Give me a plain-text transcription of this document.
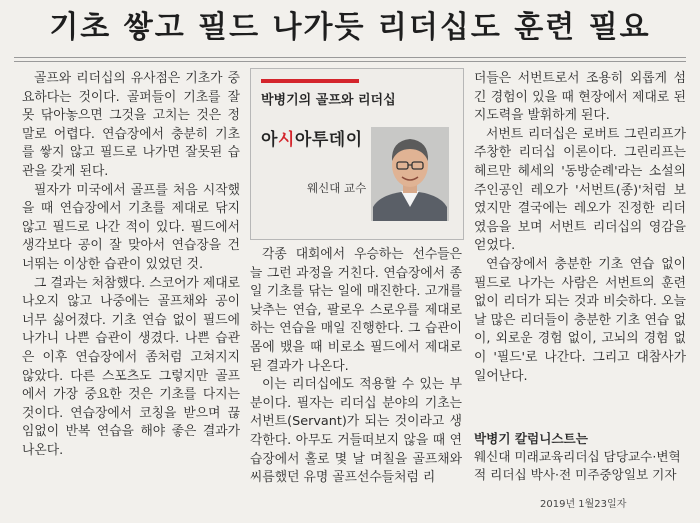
기초 쌓고 필드 나가듯 리더십도 훈련 필요

골프와 리더십의 유사점은 기초가 중요하다는 것이다. 골퍼들이 기초를 잘못 닦아놓으면 그것을 고치는 것은 정말로 어렵다. 연습장에서 충분히 기초를 쌓지 않고 필드로 나가면 잘못된 습관을 갖게 된다.

필자가 미국에서 골프를 처음 시작했을 때 연습장에서 기초를 제대로 닦지 않고 필드로 나간 적이 있다. 필드에서 생각보다 공이 잘 맞아서 연습장을 건너뛰는 이상한 습관이 있었던 것.

그 결과는 처참했다. 스코어가 제대로 나오지 않고 나중에는 골프채와 공이 너무 싫어졌다. 기초 연습 없이 필드에 나가니 나쁜 습관이 생겼다. 나쁜 습관은 이후 연습장에서 좀처럼 고쳐지지 않았다. 다른 스포츠도 그렇지만 골프에서 가장 중요한 것은 기초를 다지는 것이다. 연습장에서 코칭을 받으며 끊임없이 반복 연습을 해야 좋은 결과가 나온다.

박병기의 골프와 리더십
아시아투데이
웨신대 교수

각종 대회에서 우승하는 선수들은 늘 그런 과정을 거친다. 연습장에서 종일 기초를 닦는 일에 매진한다. 고개를 낮추는 연습, 팔로우 스로우를 제대로 하는 연습을 매일 진행한다. 그 습관이 몸에 뱄을 때 비로소 필드에서 제대로 된 결과가 나온다.

이는 리더십에도 적용할 수 있는 부분이다. 필자는 리더십 분야의 기초는 서번트(Servant)가 되는 것이라고 생각한다. 아무도 거들떠보지 않을 때 연습장에서 홀로 몇 날 며칠을 골프채와 씨름했던 유명 골프선수들처럼 리

더들은 서번트로서 조용히 외롭게 섬긴 경험이 있을 때 현장에서 제대로 된 지도력을 발휘하게 된다.

서번트 리더십은 로버트 그린리프가 주창한 리더십 이론이다. 그린리프는 헤르만 헤세의 '동방순례'라는 소설의 주인공인 레오가 '서번트(종)'처럼 보였지만 결국에는 레오가 진정한 리더였음을 보며 서번트 리더십의 영감을 얻었다.

연습장에서 충분한 기초 연습 없이 필드로 나가는 사람은 서번트의 훈련 없이 리더가 되는 것과 비슷하다. 오늘날 많은 리더들이 충분한 기초 연습 없이, 외로운 경험 없이, 고뇌의 경험 없이 '필드'로 나간다. 그리고 대참사가 일어난다.

박병기 칼럼니스트는
웨신대 미래교육리더십 담당교수·변혁적 리더십 박사·전 미주중앙일보 기자
2019년 1월23일자
